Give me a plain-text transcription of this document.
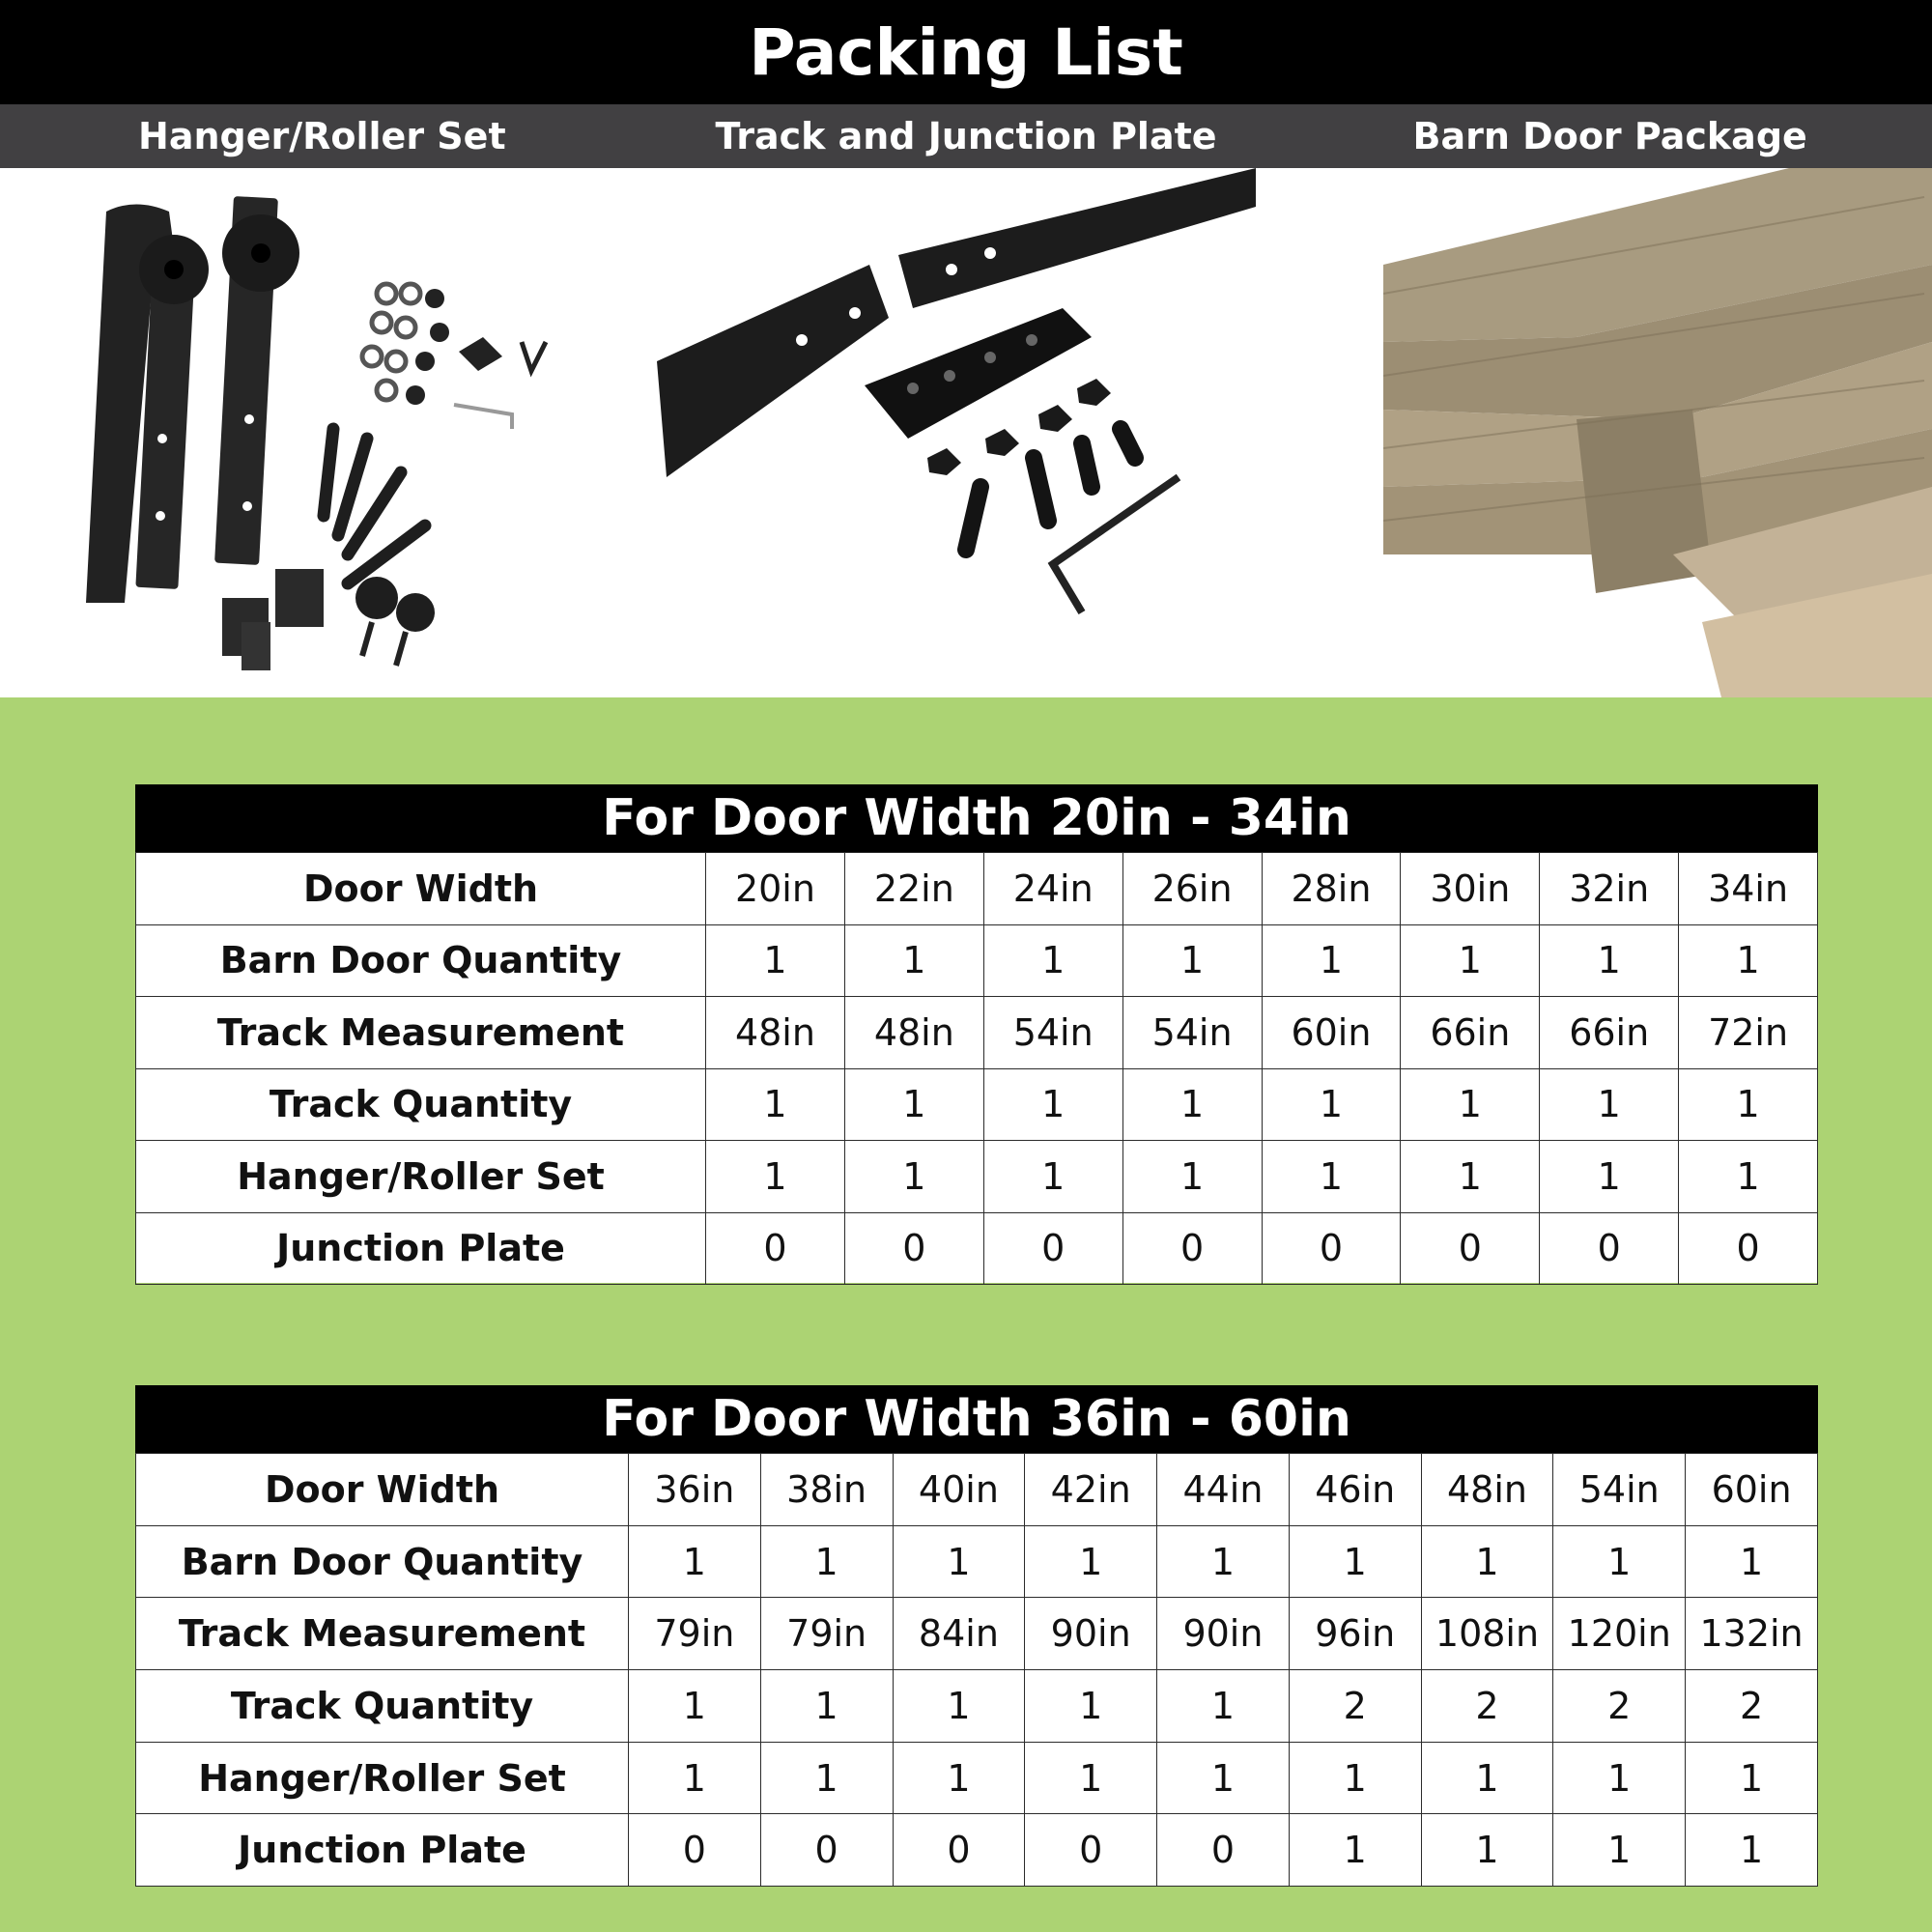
Packing List
Hanger/Roller Set	Track and Junction Plate	Barn Door Package
For Door Width 20in - 34in
Door Width	20in	22in	24in	26in	28in	30in	32in	34in
Barn Door Quantity	1	1	1	1	1	1	1	1
Track Measurement	48in	48in	54in	54in	60in	66in	66in	72in
Track Quantity	1	1	1	1	1	1	1	1
Hanger/Roller Set	1	1	1	1	1	1	1	1
Junction Plate	0	0	0	0	0	0	0	0
For Door Width 36in - 60in
Door Width	36in	38in	40in	42in	44in	46in	48in	54in	60in
Barn Door Quantity	1	1	1	1	1	1	1	1	1
Track Measurement	79in	79in	84in	90in	90in	96in	108in	120in	132in
Track Quantity	1	1	1	1	1	2	2	2	2
Hanger/Roller Set	1	1	1	1	1	1	1	1	1
Junction Plate	0	0	0	0	0	1	1	1	1
